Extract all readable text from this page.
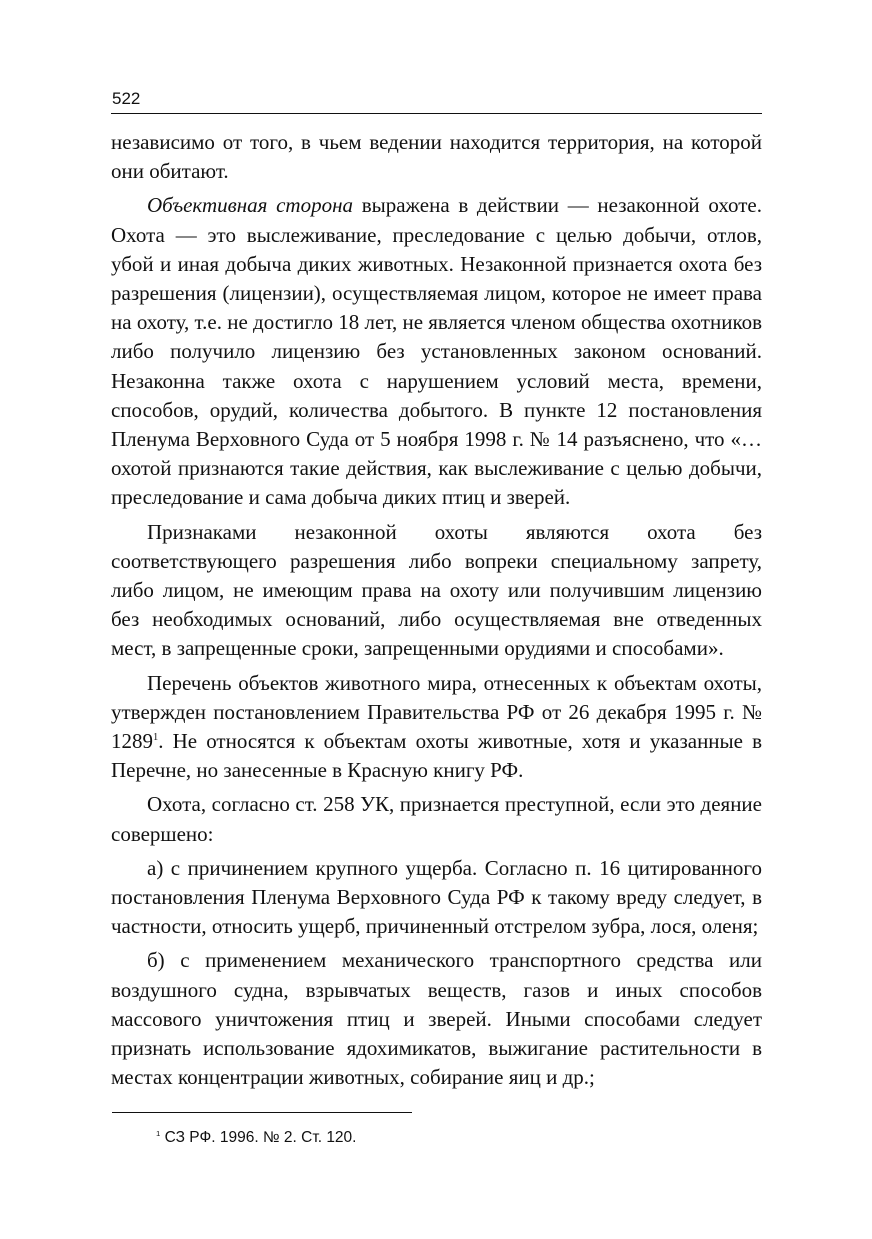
522

независимо от того, в чьем ведении находится территория, на которой они обитают.

Объективная сторона выражена в действии — незаконной охоте. Охота — это выслеживание, преследование с целью добычи, отлов, убой и иная добыча диких животных. Незаконной признается охота без разрешения (лицензии), осуществляемая лицом, которое не имеет права на охоту, т.е. не достигло 18 лет, не является членом общества охотников либо получило лицензию без установленных законом оснований. Незаконна также охота с нарушением условий места, времени, способов, орудий, количества добытого. В пункте 12 постановления Пленума Верховного Суда от 5 ноября 1998 г. № 14 разъяснено, что «…охотой признаются такие действия, как выслеживание с целью добычи, преследование и сама добыча диких птиц и зверей.

Признаками незаконной охоты являются охота без соответствующего разрешения либо вопреки специальному запрету, либо лицом, не имеющим права на охоту или получившим лицензию без необходимых оснований, либо осуществляемая вне отведенных мест, в запрещенные сроки, запрещенными орудиями и способами».

Перечень объектов животного мира, отнесенных к объектам охоты, утвержден постановлением Правительства РФ от 26 декабря 1995 г. № 1289$^1$. Не относятся к объектам охоты животные, хотя и указанные в Перечне, но занесенные в Красную книгу РФ.

Охота, согласно ст. 258 УК, признается преступной, если это деяние совершено:

а) с причинением крупного ущерба. Согласно п. 16 цитированного постановления Пленума Верховного Суда РФ к такому вреду следует, в частности, относить ущерб, причиненный отстрелом зубра, лося, оленя;

б) с применением механического транспортного средства или воздушного судна, взрывчатых веществ, газов и иных способов массового уничтожения птиц и зверей. Иными способами следует признать использование ядохимикатов, выжигание растительности в местах концентрации животных, собирание яиц и др.;

$^1$ СЗ РФ. 1996. № 2. Ст. 120.
